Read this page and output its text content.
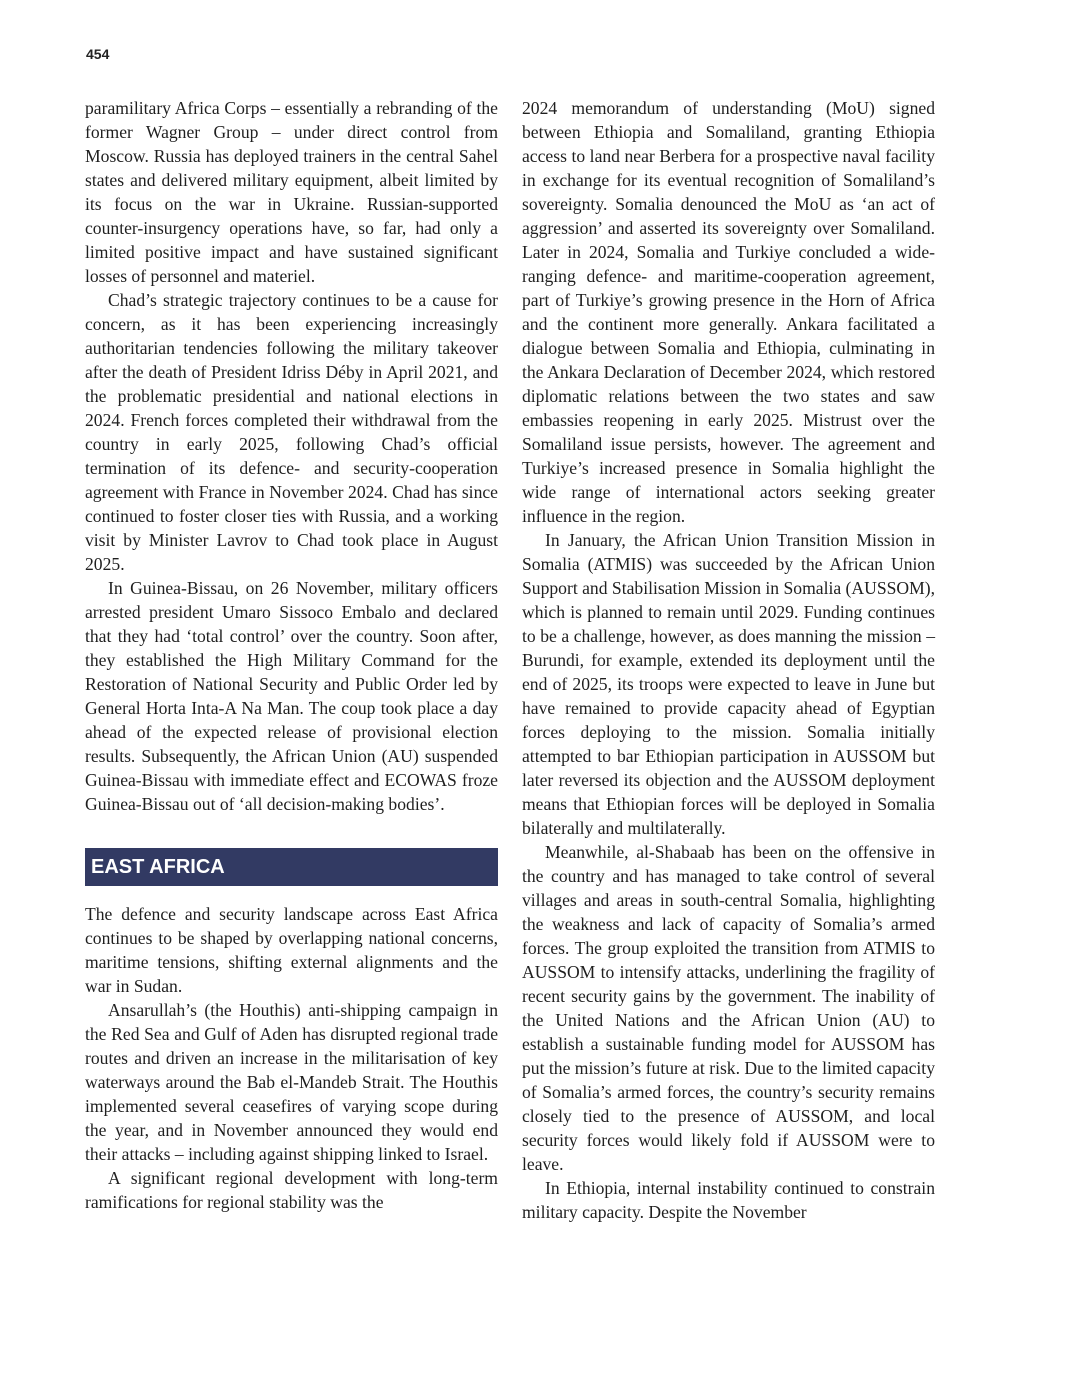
454

paramilitary Africa Corps – essentially a rebranding of the former Wagner Group – under direct control from Moscow. Russia has deployed trainers in the central Sahel states and delivered military equipment, albeit limited by its focus on the war in Ukraine. Russian-supported counter-insurgency operations have, so far, had only a limited positive impact and have sustained significant losses of personnel and materiel.

Chad’s strategic trajectory continues to be a cause for concern, as it has been experiencing increasingly authoritarian tendencies following the military takeover after the death of President Idriss Déby in April 2021, and the problematic presidential and national elections in 2024. French forces completed their withdrawal from the country in early 2025, following Chad’s official termination of its defence- and security-cooperation agreement with France in November 2024. Chad has since continued to foster closer ties with Russia, and a working visit by Minister Lavrov to Chad took place in August 2025.

In Guinea-Bissau, on 26 November, military officers arrested president Umaro Sissoco Embalo and declared that they had ‘total control’ over the country. Soon after, they established the High Military Command for the Restoration of National Security and Public Order led by General Horta Inta-A Na Man. The coup took place a day ahead of the expected release of provisional election results. Subsequently, the African Union (AU) suspended Guinea-Bissau with immediate effect and ECOWAS froze Guinea-Bissau out of ‘all decision-making bodies’.

EAST AFRICA

The defence and security landscape across East Africa continues to be shaped by overlapping national concerns, maritime tensions, shifting external alignments and the war in Sudan.

Ansarullah’s (the Houthis) anti-shipping campaign in the Red Sea and Gulf of Aden has disrupted regional trade routes and driven an increase in the militarisation of key waterways around the Bab el-Mandeb Strait. The Houthis implemented several ceasefires of varying scope during the year, and in November announced they would end their attacks – including against shipping linked to Israel.

A significant regional development with long-term ramifications for regional stability was the

2024 memorandum of understanding (MoU) signed between Ethiopia and Somaliland, granting Ethiopia access to land near Berbera for a prospective naval facility in exchange for its eventual recognition of Somaliland’s sovereignty. Somalia denounced the MoU as ‘an act of aggression’ and asserted its sovereignty over Somaliland. Later in 2024, Somalia and Turkiye concluded a wide-ranging defence- and maritime-cooperation agreement, part of Turkiye’s growing presence in the Horn of Africa and the continent more generally. Ankara facilitated a dialogue between Somalia and Ethiopia, culminating in the Ankara Declaration of December 2024, which restored diplomatic relations between the two states and saw embassies reopening in early 2025. Mistrust over the Somaliland issue persists, however. The agreement and Turkiye’s increased presence in Somalia highlight the wide range of international actors seeking greater influence in the region.

In January, the African Union Transition Mission in Somalia (ATMIS) was succeeded by the African Union Support and Stabilisation Mission in Somalia (AUSSOM), which is planned to remain until 2029. Funding continues to be a challenge, however, as does manning the mission – Burundi, for example, extended its deployment until the end of 2025, its troops were expected to leave in June but have remained to provide capacity ahead of Egyptian forces deploying to the mission. Somalia initially attempted to bar Ethiopian participation in AUSSOM but later reversed its objection and the AUSSOM deployment means that Ethiopian forces will be deployed in Somalia bilaterally and multilaterally.

Meanwhile, al-Shabaab has been on the offensive in the country and has managed to take control of several villages and areas in south-central Somalia, highlighting the weakness and lack of capacity of Somalia’s armed forces. The group exploited the transition from ATMIS to AUSSOM to intensify attacks, underlining the fragility of recent security gains by the government. The inability of the United Nations and the African Union (AU) to establish a sustainable funding model for AUSSOM has put the mission’s future at risk. Due to the limited capacity of Somalia’s armed forces, the country’s security remains closely tied to the presence of AUSSOM, and local security forces would likely fold if AUSSOM were to leave.

In Ethiopia, internal instability continued to constrain military capacity. Despite the November
